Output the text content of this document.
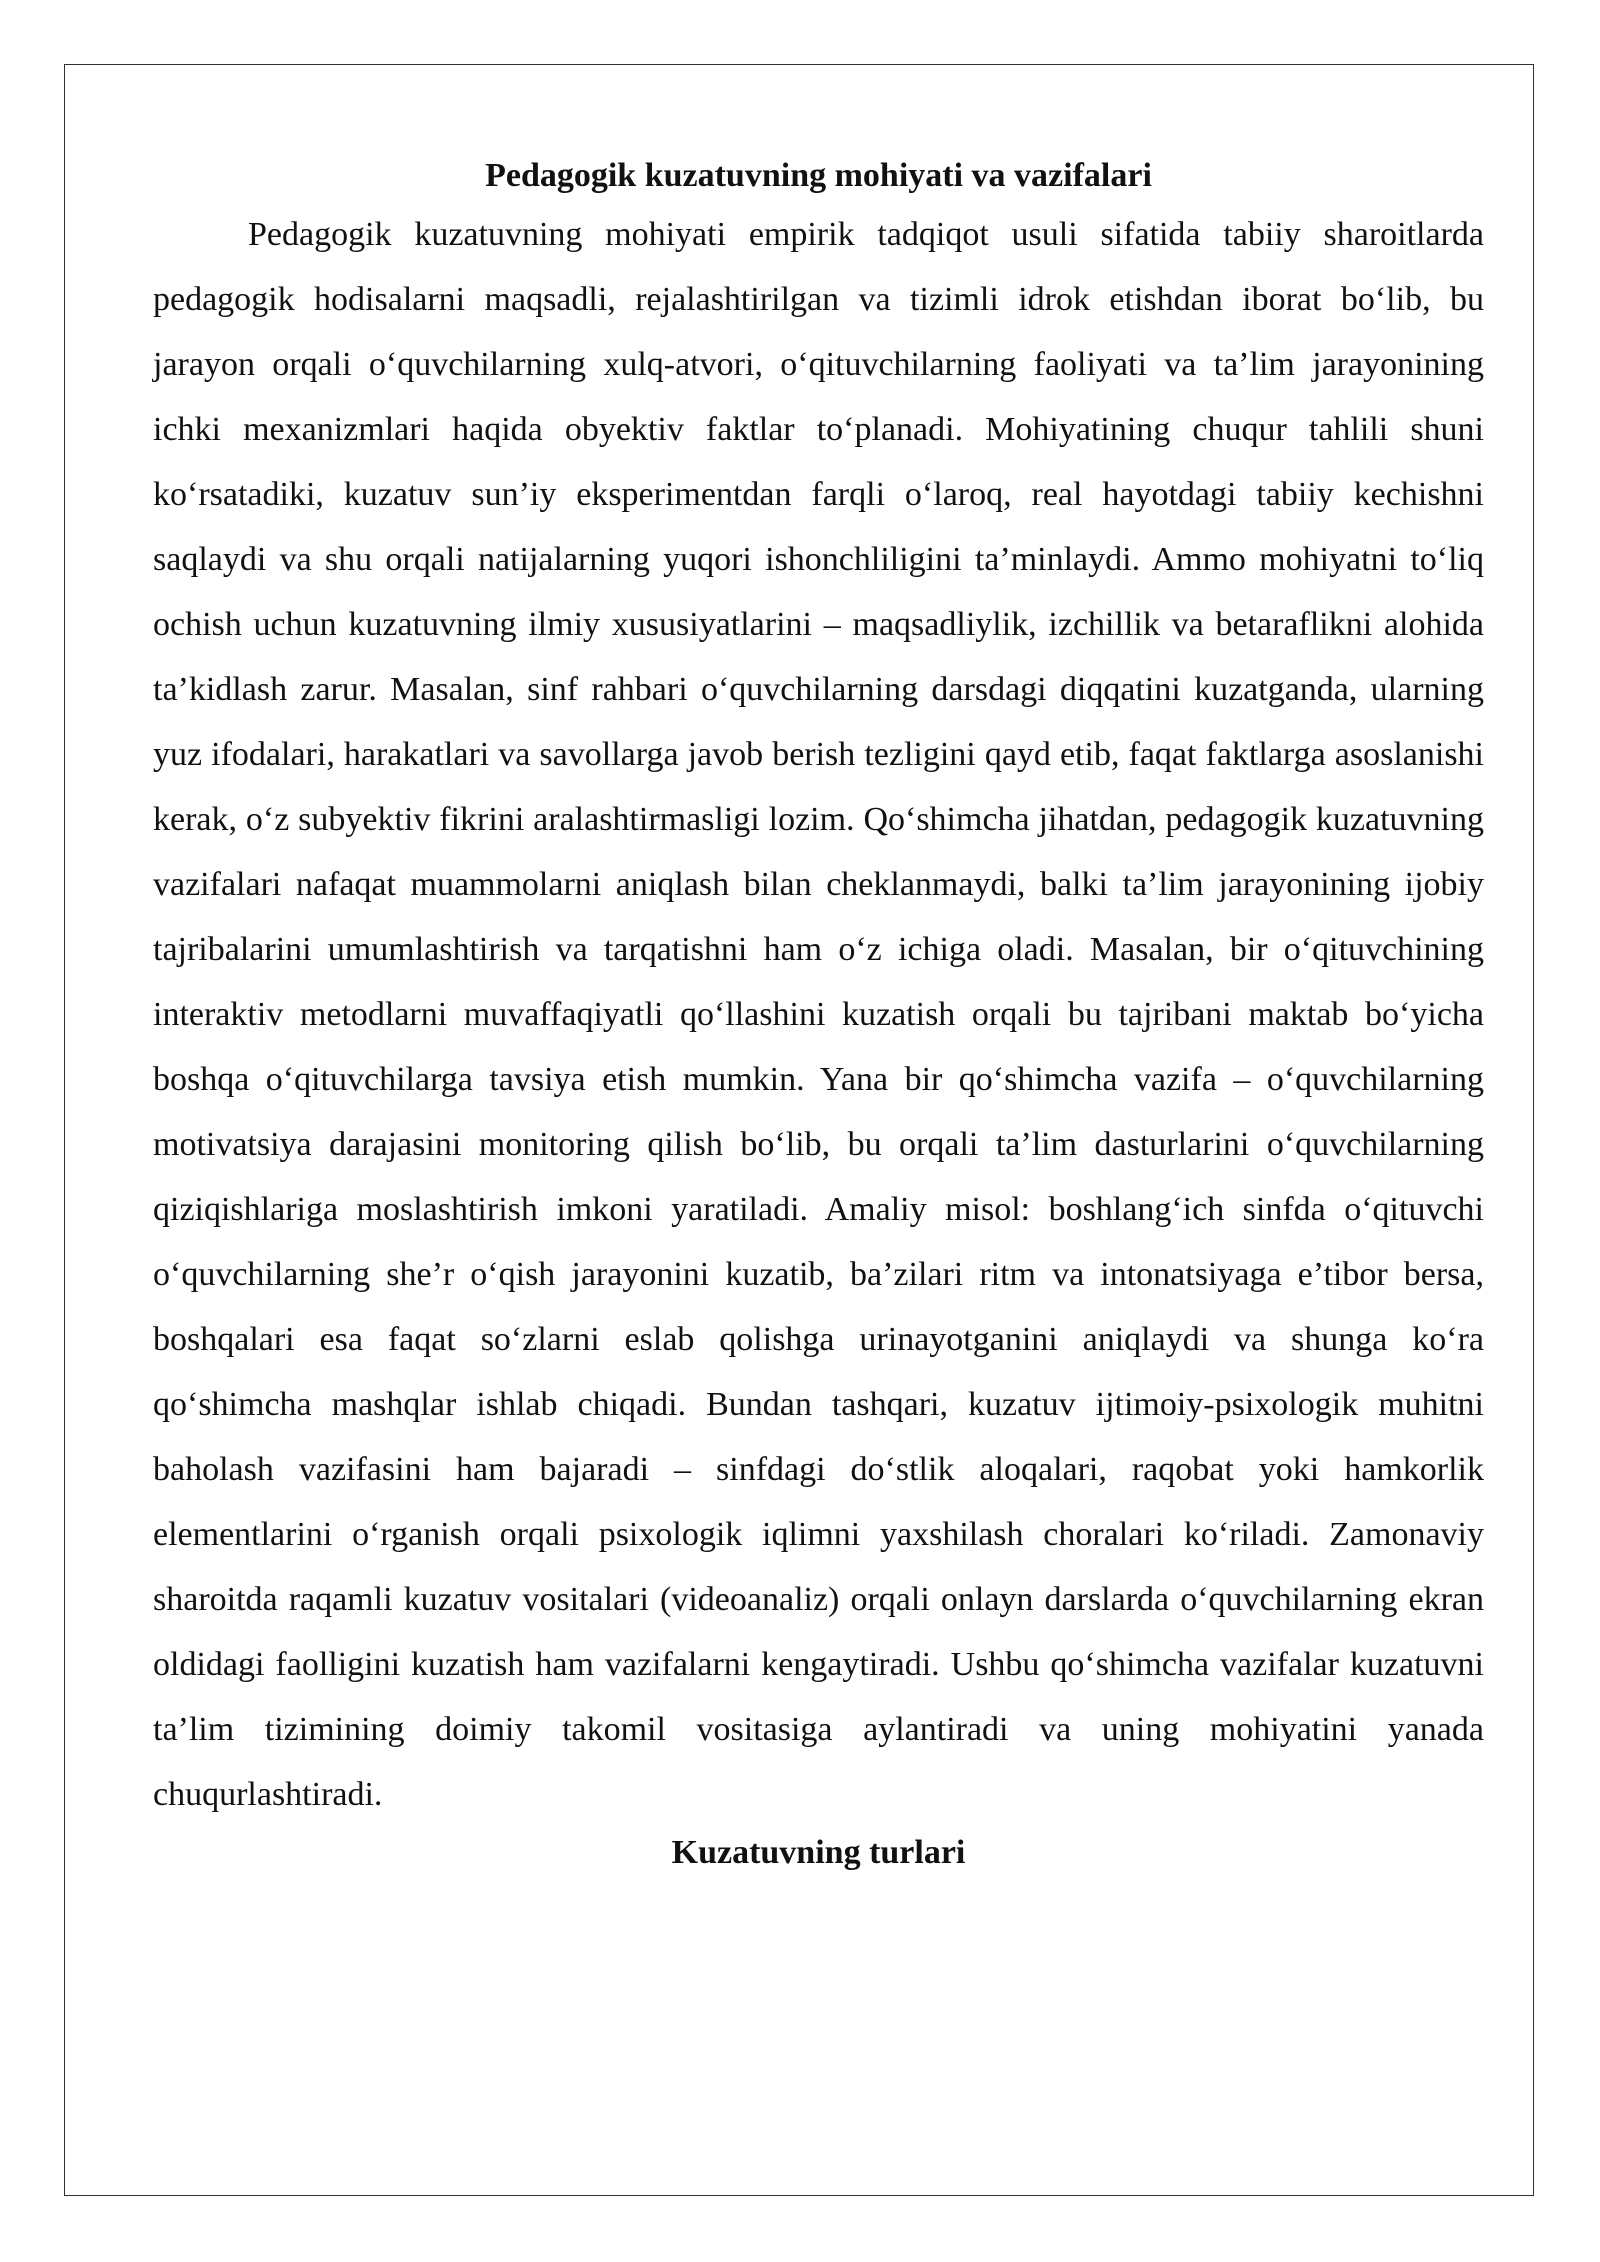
Pedagogik kuzatuvning mohiyati va vazifalari

Pedagogik kuzatuvning mohiyati empirik tadqiqot usuli sifatida tabiiy sharoitlarda pedagogik hodisalarni maqsadli, rejalashtirilgan va tizimli idrok etishdan iborat bo‘lib, bu jarayon orqali o‘quvchilarning xulq-atvori, o‘qituvchilarning faoliyati va ta’lim jarayonining ichki mexanizmlari haqida obyektiv faktlar to‘planadi. Mohiyatining chuqur tahlili shuni ko‘rsatadiki, kuzatuv sun’iy eksperimentdan farqli o‘laroq, real hayotdagi tabiiy kechishni saqlaydi va shu orqali natijalarning yuqori ishonchliligini ta’minlaydi. Ammo mohiyatni to‘liq ochish uchun kuzatuvning ilmiy xususiyatlarini – maqsadliylik, izchillik va betaraflikni alohida ta’kidlash zarur. Masalan, sinf rahbari o‘quvchilarning darsdagi diqqatini kuzatganda, ularning yuz ifodalari, harakatlari va savollarga javob berish tezligini qayd etib, faqat faktlarga asoslanishi kerak, o‘z subyektiv fikrini aralashtirmasligi lozim. Qo‘shimcha jihatdan, pedagogik kuzatuvning vazifalari nafaqat muammolarni aniqlash bilan cheklanmaydi, balki ta’lim jarayonining ijobiy tajribalarini umumlashtirish va tarqatishni ham o‘z ichiga oladi. Masalan, bir o‘qituvchining interaktiv metodlarni muvaffaqiyatli qo‘llashini kuzatish orqali bu tajribani maktab bo‘yicha boshqa o‘qituvchilarga tavsiya etish mumkin. Yana bir qo‘shimcha vazifa – o‘quvchilarning motivatsiya darajasini monitoring qilish bo‘lib, bu orqali ta’lim dasturlarini o‘quvchilarning qiziqishlariga moslashtirish imkoni yaratiladi. Amaliy misol: boshlang‘ich sinfda o‘qituvchi o‘quvchilarning she’r o‘qish jarayonini kuzatib, ba’zilari ritm va intonatsiyaga e’tibor bersa, boshqalari esa faqat so‘zlarni eslab qolishga urinayotganini aniqlaydi va shunga ko‘ra qo‘shimcha mashqlar ishlab chiqadi. Bundan tashqari, kuzatuv ijtimoiy-psixologik muhitni baholash vazifasini ham bajaradi – sinfdagi do‘stlik aloqalari, raqobat yoki hamkorlik elementlarini o‘rganish orqali psixologik iqlimni yaxshilash choralari ko‘riladi. Zamonaviy sharoitda raqamli kuzatuv vositalari (videoanaliz) orqali onlayn darslarda o‘quvchilarning ekran oldidagi faolligini kuzatish ham vazifalarni kengaytiradi. Ushbu qo‘shimcha vazifalar kuzatuvni ta’lim tizimining doimiy takomil vositasiga aylantiradi va uning mohiyatini yanada chuqurlashtiradi.

Kuzatuvning turlari
